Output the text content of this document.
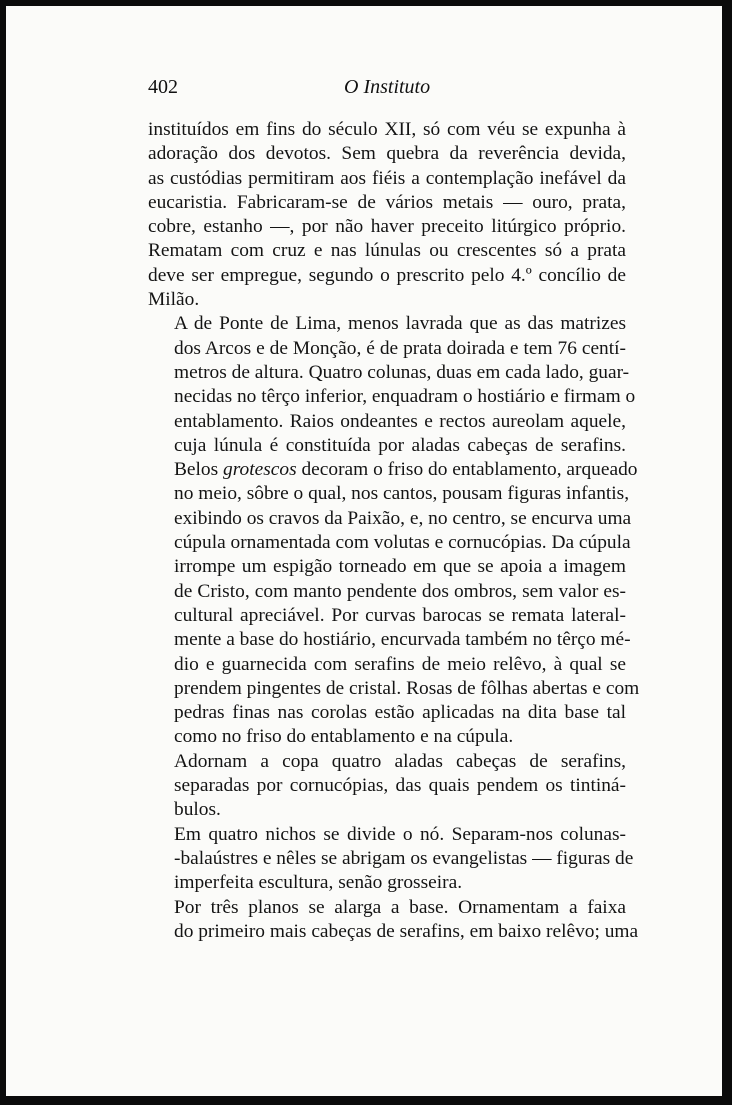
402	O Instituto
instituídos em fins do século XII, só com véu se expunha à
adoração dos devotos. Sem quebra da reverência devida,
as custódias permitiram aos fiéis a contemplação inefável da
eucaristia. Fabricaram-se de vários metais — ouro, prata,
cobre, estanho —, por não haver preceito litúrgico próprio.
Rematam com cruz e nas lúnulas ou crescentes só a prata
deve ser empregue, segundo o prescrito pelo 4.º concílio de
Milão.
A de Ponte de Lima, menos lavrada que as das matrizes
dos Arcos e de Monção, é de prata doirada e tem 76 centí-
metros de altura. Quatro colunas, duas em cada lado, guar-
necidas no têrço inferior, enquadram o hostiário e firmam o
entablamento. Raios ondeantes e rectos aureolam aquele,
cuja lúnula é constituída por aladas cabeças de serafins.
Belos grotescos decoram o friso do entablamento, arqueado
no meio, sôbre o qual, nos cantos, pousam figuras infantis,
exibindo os cravos da Paixão, e, no centro, se encurva uma
cúpula ornamentada com volutas e cornucópias. Da cúpula
irrompe um espigão torneado em que se apoia a imagem
de Cristo, com manto pendente dos ombros, sem valor es-
cultural apreciável. Por curvas barocas se remata lateral-
mente a base do hostiário, encurvada também no têrço mé-
dio e guarnecida com serafins de meio relêvo, à qual se
prendem pingentes de cristal. Rosas de fôlhas abertas e com
pedras finas nas corolas estão aplicadas na dita base tal
como no friso do entablamento e na cúpula.
Adornam a copa quatro aladas cabeças de serafins,
separadas por cornucópias, das quais pendem os tintiná-
bulos.
Em quatro nichos se divide o nó. Separam-nos colunas-
-balaústres e nêles se abrigam os evangelistas — figuras de
imperfeita escultura, senão grosseira.
Por três planos se alarga a base. Ornamentam a faixa
do primeiro mais cabeças de serafins, em baixo relêvo; uma
